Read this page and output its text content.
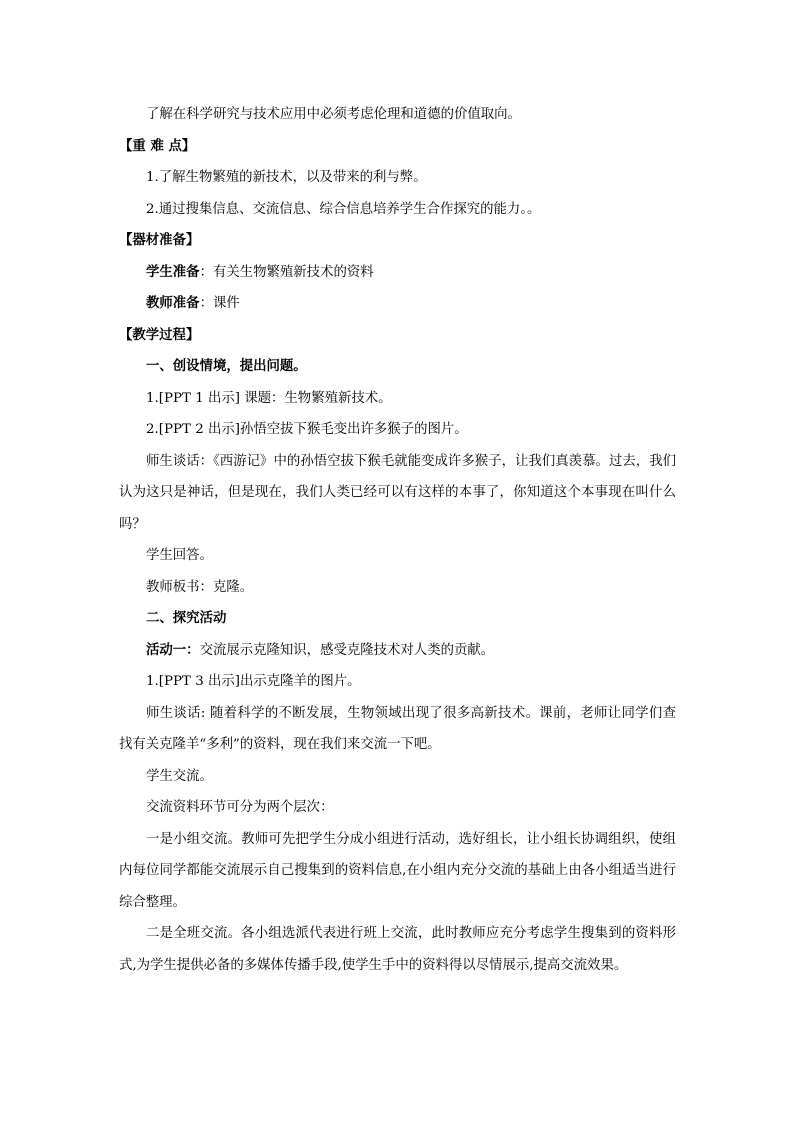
了解在科学研究与技术应用中必须考虑伦理和道德的价值取向。
【重 难 点】
1.了解生物繁殖的新技术，以及带来的利与弊。
2.通过搜集信息、交流信息、综合信息培养学生合作探究的能力。。
【器材准备】
学生准备：有关生物繁殖新技术的资料
教师准备：课件
【教学过程】
一、创设情境，提出问题。
1.[PPT 1 出示] 课题：生物繁殖新技术。
2.[PPT 2 出示]孙悟空拔下猴毛变出许多猴子的图片。
师生谈话：《西游记》中的孙悟空拔下猴毛就能变成许多猴子，让我们真羡慕。过去，我们认为这只是神话，但是现在，我们人类已经可以有这样的本事了，你知道这个本事现在叫什么吗？
学生回答。
教师板书：克隆。
二、探究活动
活动一：交流展示克隆知识，感受克隆技术对人类的贡献。
1.[PPT 3 出示]出示克隆羊的图片。
师生谈话: 随着科学的不断发展，生物领域出现了很多高新技术。课前，老师让同学们查找有关克隆羊“多利”的资料，现在我们来交流一下吧。
学生交流。
交流资料环节可分为两个层次：
一是小组交流。教师可先把学生分成小组进行活动，选好组长，让小组长协调组织，使组内每位同学都能交流展示自己搜集到的资料信息,在小组内充分交流的基础上由各小组适当进行综合整理。
二是全班交流。各小组选派代表进行班上交流，此时教师应充分考虑学生搜集到的资料形式,为学生提供必备的多媒体传播手段,使学生手中的资料得以尽情展示,提高交流效果。
